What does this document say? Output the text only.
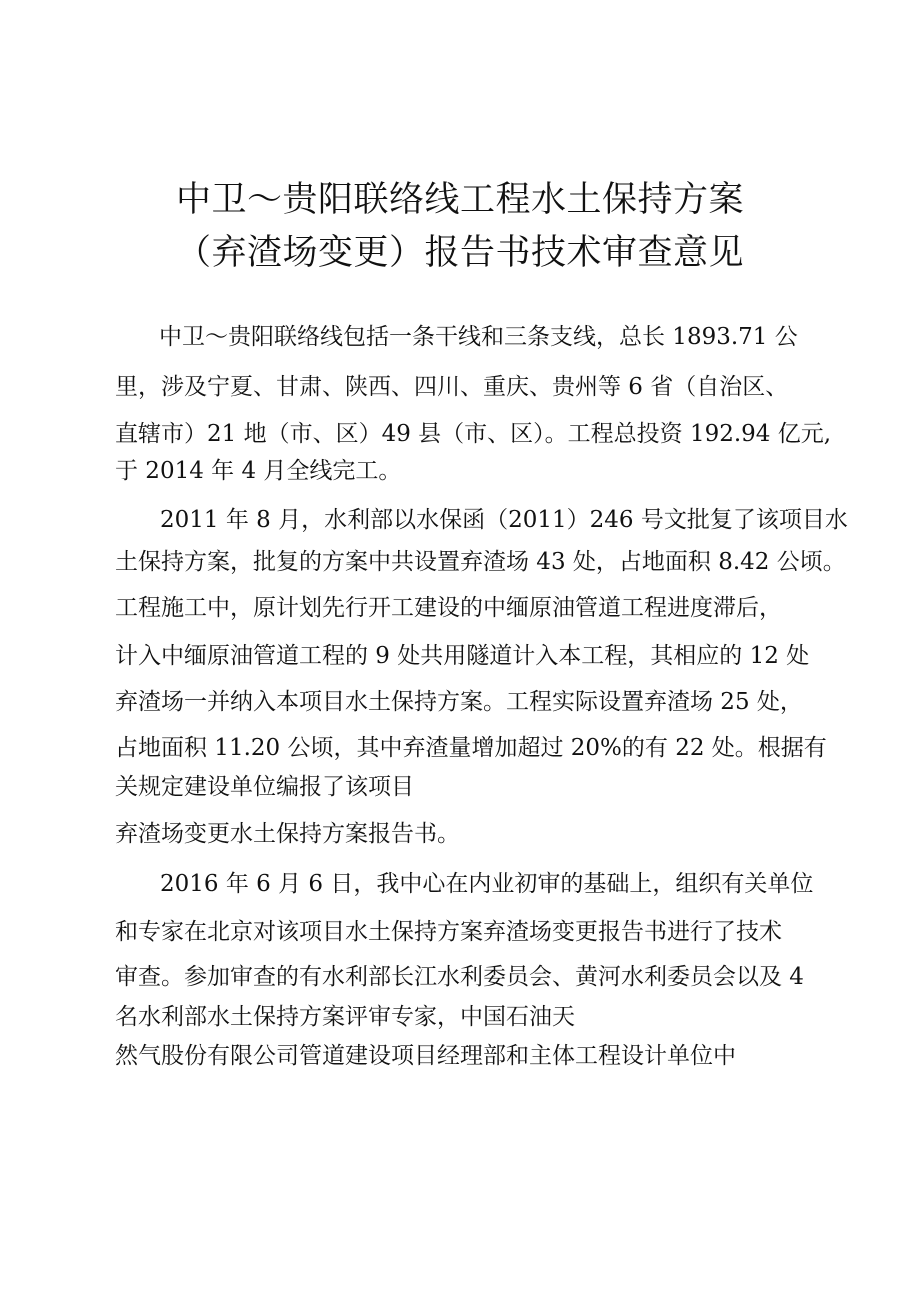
中卫～贵阳联络线工程水土保持方案
（弃渣场变更）报告书技术审查意见
中卫～贵阳联络线包括一条干线和三条支线，总长 1893.71 公
里，涉及宁夏、甘肃、陕西、四川、重庆、贵州等 6 省（自治区、
直辖市）21 地（市、区）49 县（市、区）。工程总投资 192.94 亿元,
于 2014 年 4 月全线完工。
2011 年 8 月，水利部以水保函（2011）246 号文批复了该项目水
土保持方案，批复的方案中共设置弃渣场 43 处，占地面积 8.42 公顷。
工程施工中，原计划先行开工建设的中缅原油管道工程进度滞后，
计入中缅原油管道工程的 9 处共用隧道计入本工程，其相应的 12 处
弃渣场一并纳入本项目水土保持方案。工程实际设置弃渣场 25 处，
占地面积 11.20 公顷，其中弃渣量增加超过 20%的有 22 处。根据有
关规定建设单位编报了该项目
弃渣场变更水土保持方案报告书。
2016 年 6 月 6 日，我中心在内业初审的基础上，组织有关单位
和专家在北京对该项目水土保持方案弃渣场变更报告书进行了技术
审查。参加审查的有水利部长江水利委员会、黄河水利委员会以及 4
名水利部水土保持方案评审专家，中国石油天
然气股份有限公司管道建设项目经理部和主体工程设计单位中
